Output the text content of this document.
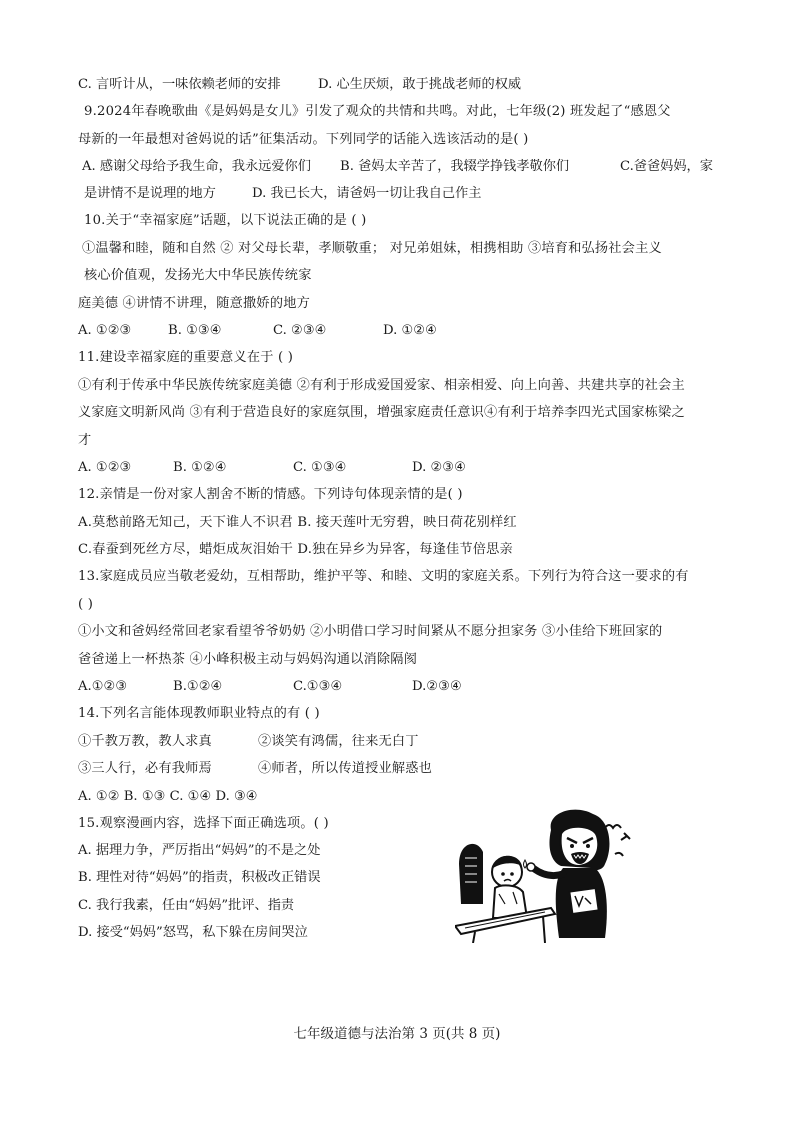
C. 言听计从，一味依赖老师的安排	D. 心生厌烦，敢于挑战老师的权威
9.2024年春晚歌曲《是妈妈是女儿》引发了观众的共情和共鸣。对此，七年级(2) 班发起了“感恩父
母新的一年最想对爸妈说的话”征集活动。下列同学的话能入选该活动的是( )
A. 感谢父母给予我生命，我永远爱你们 B. 爸妈太辛苦了，我辍学挣钱孝敬你们	C.爸爸妈妈，家
是讲情不是说理的地方	D. 我已长大，请爸妈一切让我自己作主
10.关于“幸福家庭”话题，以下说法正确的是 ( )
①温馨和睦，随和自然 ② 对父母长辈，孝顺敬重； 对兄弟姐妹，相携相助 ③培育和弘扬社会主义
核心价值观，发扬光大中华民族传统家
庭美德 ④讲情不讲理，随意撒娇的地方
A. ①②③	B. ①③④	C. ②③④	D. ①②④
11.建设幸福家庭的重要意义在于 ( )
①有利于传承中华民族传统家庭美德 ②有利于形成爱国爱家、相亲相爱、向上向善、共建共享的社会主
义家庭文明新风尚 ③有利于营造良好的家庭氛围，增强家庭责任意识④有利于培养李四光式国家栋梁之
才
A. ①②③	B. ①②④	C. ①③④	D. ②③④
12.亲情是一份对家人割舍不断的情感。下列诗句体现亲情的是( )
A.莫愁前路无知己，天下谁人不识君 B. 接天莲叶无穷碧，映日荷花别样红
C.春蚕到死丝方尽，蜡炬成灰泪始干 D.独在异乡为异客，每逢佳节倍思亲
13.家庭成员应当敬老爱幼，互相帮助，维护平等、和睦、文明的家庭关系。下列行为符合这一要求的有
( )
①小文和爸妈经常回老家看望爷爷奶奶 ②小明借口学习时间紧从不愿分担家务 ③小佳给下班回家的
爸爸递上一杯热茶 ④小峰积极主动与妈妈沟通以消除隔阂
A.①②③	B.①②④	C.①③④	D.②③④
14.下列名言能体现教师职业特点的有 ( )
①千教万教，教人求真	②谈笑有鸿儒，往来无白丁
③三人行，必有我师焉	④师者，所以传道授业解惑也
A. ①② B. ①③ C. ①④ D. ③④
15.观察漫画内容，选择下面正确选项。( )
A. 据理力争，严厉指出“妈妈”的不是之处
B. 理性对待“妈妈”的指责，积极改正错误
C. 我行我素，任由“妈妈”批评、指责
D. 接受“妈妈”怒骂，私下躲在房间哭泣
七年级道德与法治第 3 页(共 8 页)
